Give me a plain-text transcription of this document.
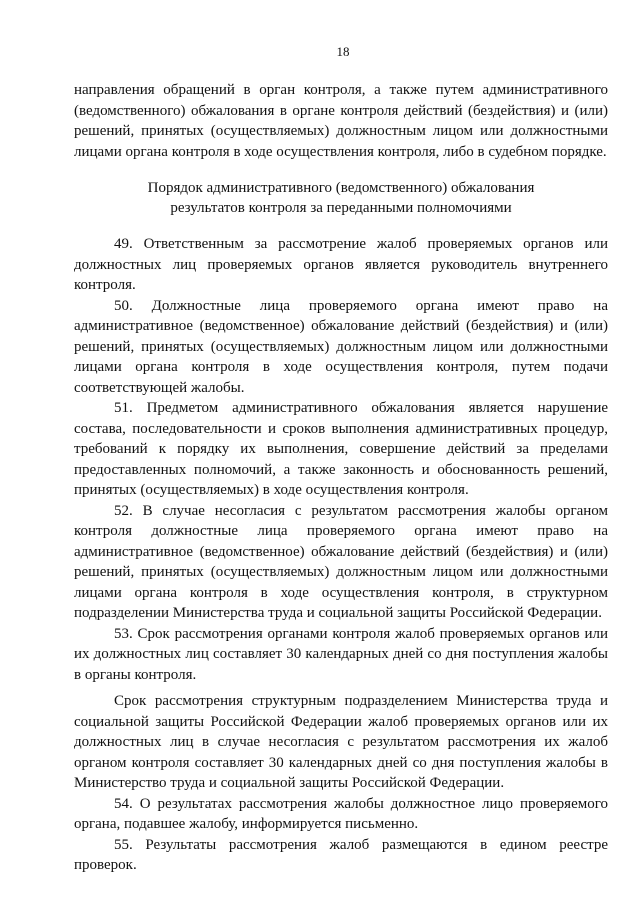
18

направления обращений в орган контроля, а также путем административного (ведомственного) обжалования в органе контроля действий (бездействия) и (или) решений, принятых (осуществляемых) должностным лицом или должностными лицами органа контроля в ходе осуществления контроля, либо в судебном порядке.

Порядок административного (ведомственного) обжалования
результатов контроля за переданными полномочиями

49. Ответственным за рассмотрение жалоб проверяемых органов или должностных лиц проверяемых органов является руководитель внутреннего контроля.

50. Должностные лица проверяемого органа имеют право на административное (ведомственное) обжалование действий (бездействия) и (или) решений, принятых (осуществляемых) должностным лицом или должностными лицами органа контроля в ходе осуществления контроля, путем подачи соответствующей жалобы.

51. Предметом административного обжалования является нарушение состава, последовательности и сроков выполнения административных процедур, требований к порядку их выполнения, совершение действий за пределами предоставленных полномочий, а также законность и обоснованность решений, принятых (осуществляемых) в ходе осуществления контроля.

52. В случае несогласия с результатом рассмотрения жалобы органом контроля должностные лица проверяемого органа имеют право на административное (ведомственное) обжалование действий (бездействия) и (или) решений, принятых (осуществляемых) должностным лицом или должностными лицами органа контроля в ходе осуществления контроля, в структурном подразделении Министерства труда и социальной защиты Российской Федерации.

53. Срок рассмотрения органами контроля жалоб проверяемых органов или их должностных лиц составляет 30 календарных дней со дня поступления жалобы в органы контроля.

Срок рассмотрения структурным подразделением Министерства труда и социальной защиты Российской Федерации жалоб проверяемых органов или их должностных лиц в случае несогласия с результатом рассмотрения их жалоб органом контроля составляет 30 календарных дней со дня поступления жалобы в Министерство труда и социальной защиты Российской Федерации.

54. О результатах рассмотрения жалобы должностное лицо проверяемого органа, подавшее жалобу, информируется письменно.

55. Результаты рассмотрения жалоб размещаются в едином реестре проверок.
